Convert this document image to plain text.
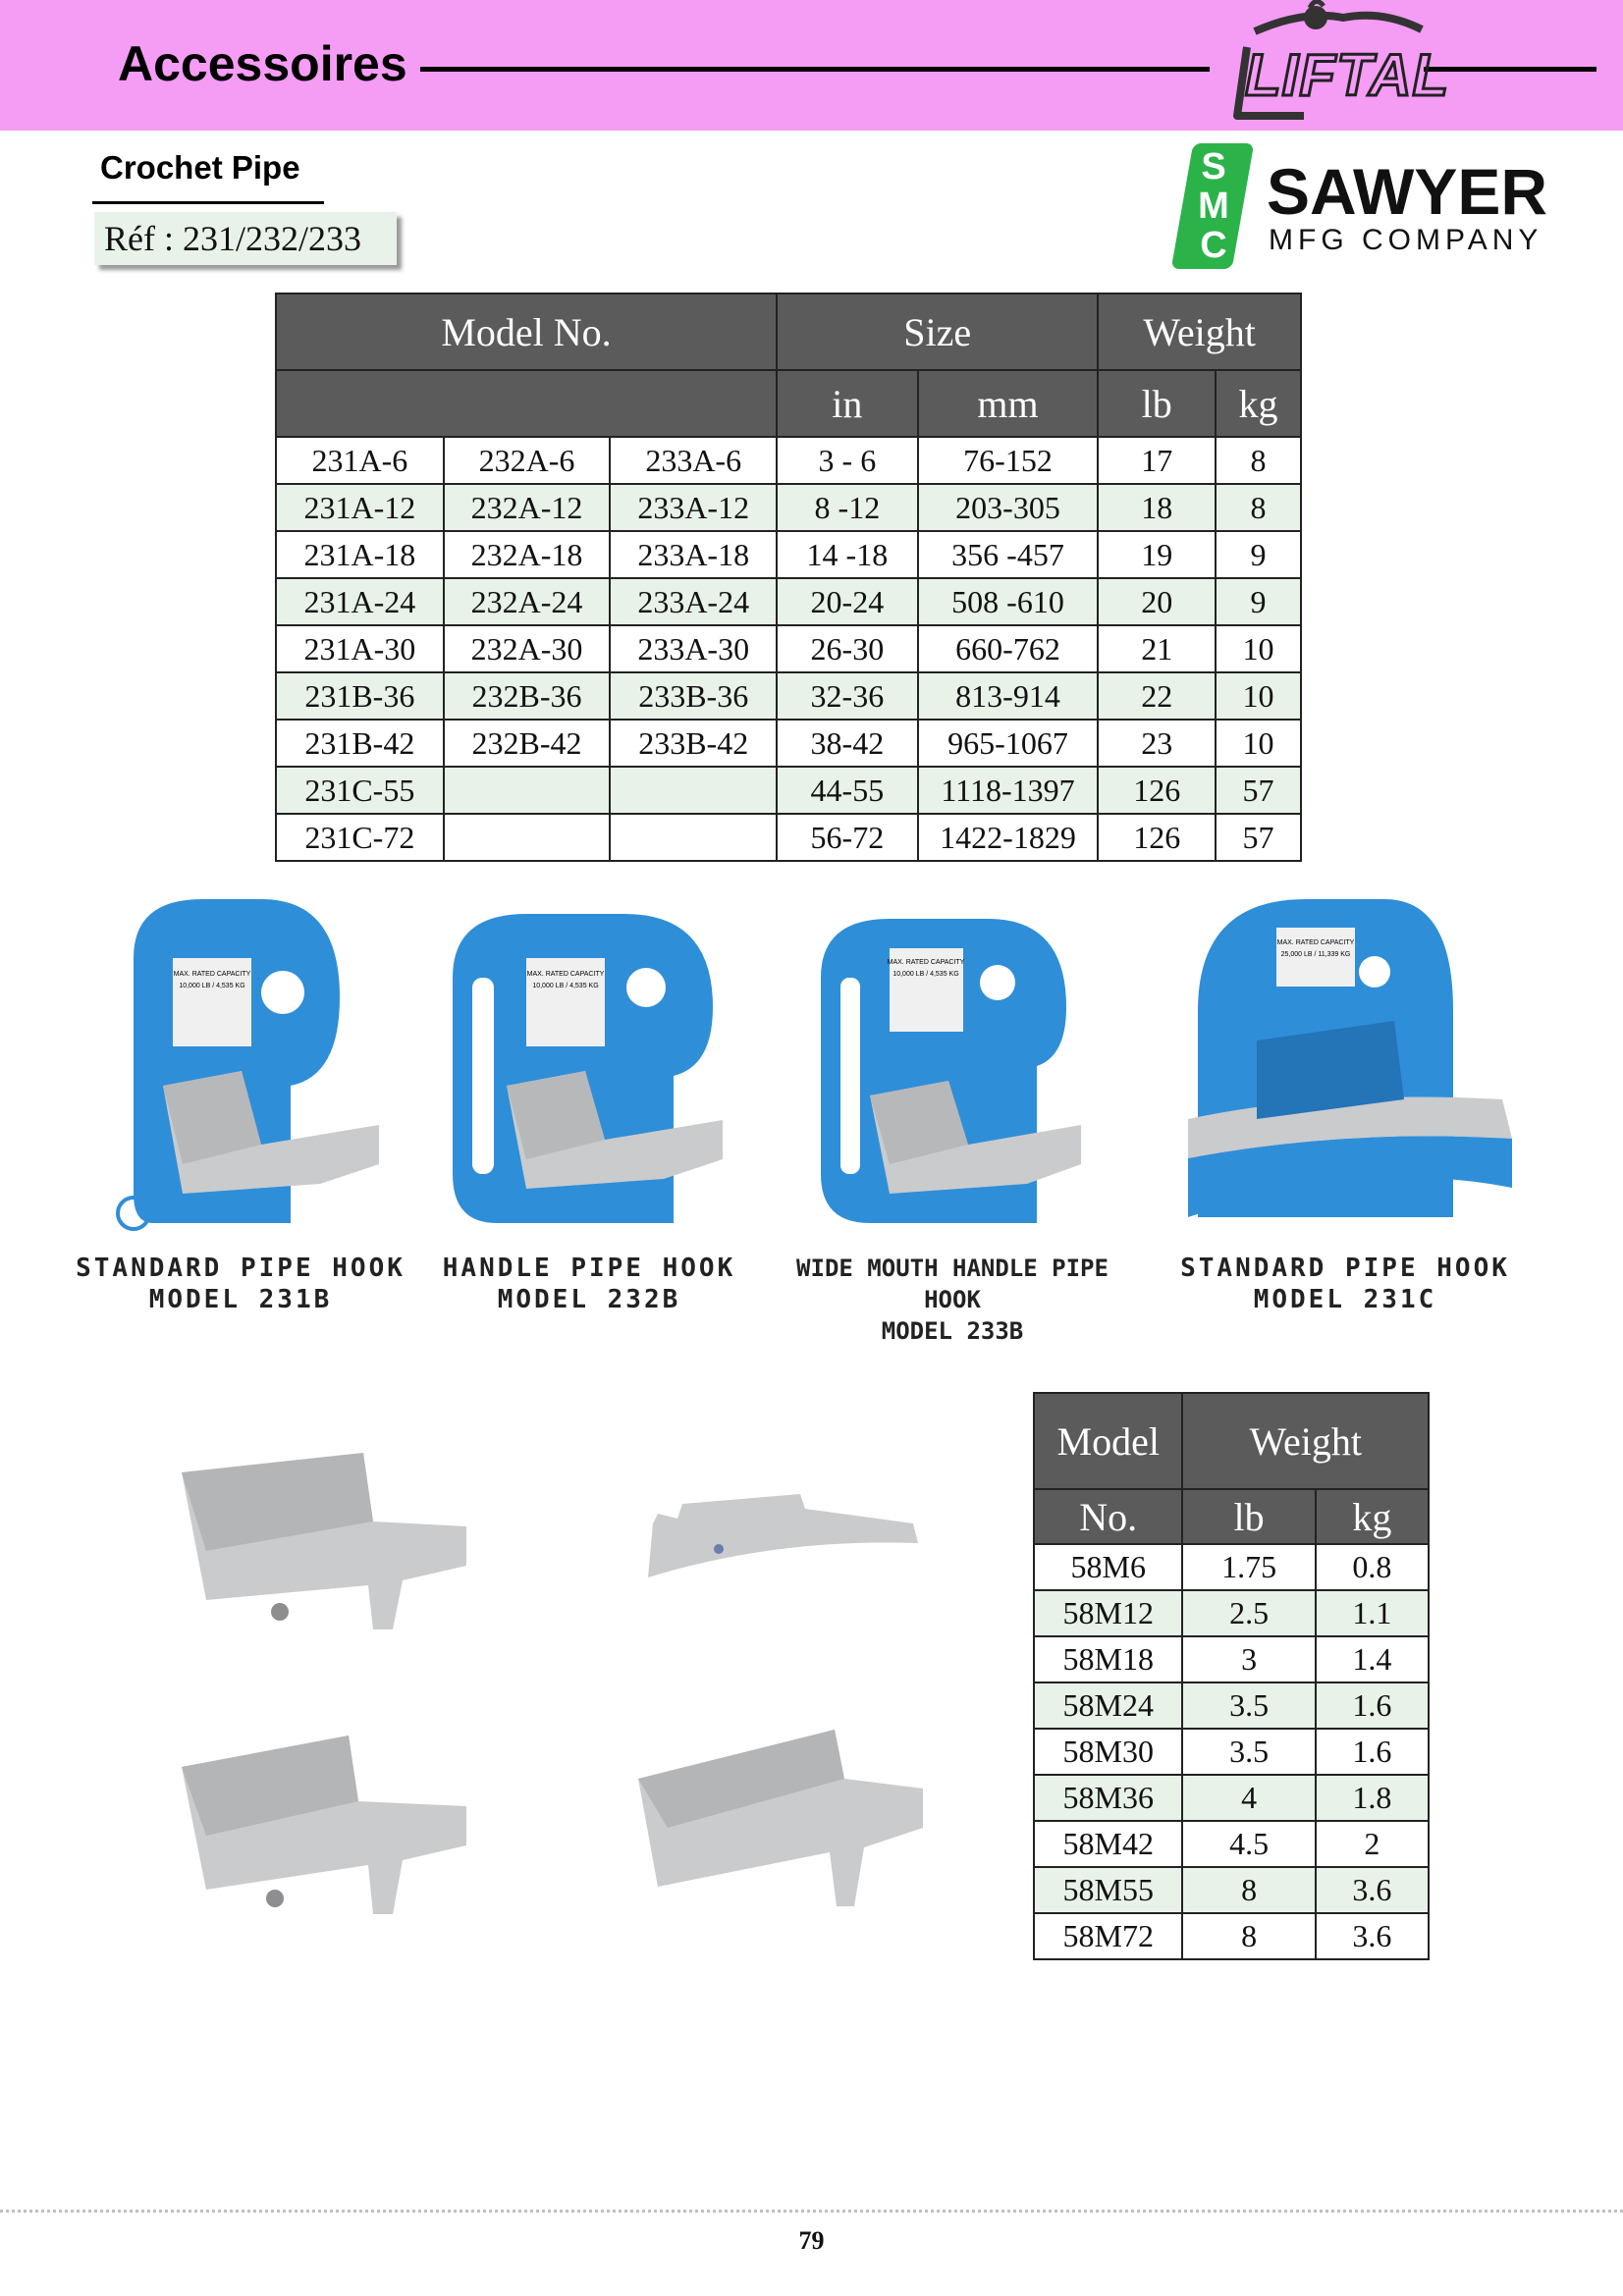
Accessoires	LIFTAL
Crochet Pipe
Réf : 231/232/233
S
M
C
SAWYER
MFG COMPANY
Model No.			Size		Weight	
			in	mm	lb	kg
231A-6	232A-6	233A-6	3 - 6	76-152	17	8
231A-12	232A-12	233A-12	8 -12	203-305	18	8
231A-18	232A-18	233A-18	14 -18	356 -457	19	9
231A-24	232A-24	233A-24	20-24	508 -610	20	9
231A-30	232A-30	233A-30	26-30	660-762	21	10
231B-36	232B-36	233B-36	32-36	813-914	22	10
231B-42	232B-42	233B-42	38-42	965-1067	23	10
231C-55			44-55	1118-1397	126	57
231C-72			56-72	1422-1829	126	57
MAX. RATED CAPACITY
10,000 LB / 4,535 KG
MAX. RATED CAPACITY
10,000 LB / 4,535 KG
MAX. RATED CAPACITY
10,000 LB / 4,535 KG
MAX. RATED CAPACITY
25,000 LB / 11,339 KG
STANDARD PIPE HOOK
MODEL 231B
HANDLE PIPE HOOK
MODEL 232B
WIDE MOUTH HANDLE PIPE HOOK
MODEL 233B
STANDARD PIPE HOOK
MODEL 231C
Model	Weight	
No.	lb	kg
58M6	1.75	0.8
58M12	2.5	1.1
58M18	3	1.4
58M24	3.5	1.6
58M30	3.5	1.6
58M36	4	1.8
58M42	4.5	2
58M55	8	3.6
58M72	8	3.6
79
